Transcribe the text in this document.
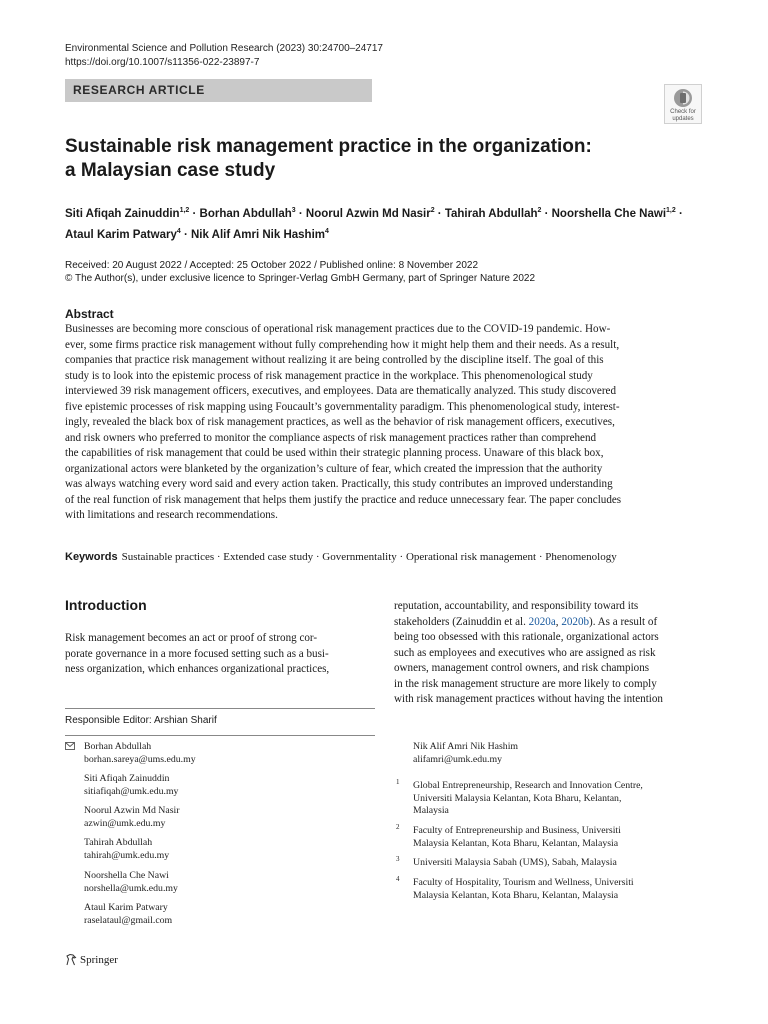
Environmental Science and Pollution Research (2023) 30:24700–24717
https://doi.org/10.1007/s11356-022-23897-7
RESEARCH ARTICLE
Check for
updates
Sustainable risk management practice in the organization:
a Malaysian case study
Siti Afiqah Zainuddin$^{1,2}$ · Borhan Abdullah$^3$ · Noorul Azwin Md Nasir$^2$ · Tahirah Abdullah$^2$ · Noorshella Che Nawi$^{1,2}$ ·
Ataul Karim Patwary$^4$ · Nik Alif Amri Nik Hashim$^4$
Received: 20 August 2022 / Accepted: 25 October 2022 / Published online: 8 November 2022
© The Author(s), under exclusive licence to Springer-Verlag GmbH Germany, part of Springer Nature 2022
Abstract
Businesses are becoming more conscious of operational risk management practices due to the COVID-19 pandemic. How-
ever, some firms practice risk management without fully comprehending how it might help them and their needs. As a result,
companies that practice risk management without realizing it are being controlled by the discipline itself. The goal of this
study is to look into the epistemic process of risk management practice in the workplace. This phenomenological study
interviewed 39 risk management officers, executives, and employees. Data are thematically analyzed. This study discovered
five epistemic processes of risk mapping using Foucault’s governmentality paradigm. This phenomenological study, interest-
ingly, revealed the black box of risk management practices, as well as the behavior of risk management officers, executives,
and risk owners who preferred to monitor the compliance aspects of risk management practices rather than comprehend
the capabilities of risk management that could be used within their strategic planning process. Unaware of this black box,
organizational actors were blanketed by the organization’s culture of fear, which created the impression that the authority
was always watching every word said and every action taken. Practically, this study contributes an improved understanding
of the real function of risk management that helps them justify the practice and reduce unnecessary fear. The paper concludes
with limitations and research recommendations.
Keywords Sustainable practices · Extended case study · Governmentality · Operational risk management · Phenomenology
Introduction
Risk management becomes an act or proof of strong cor-
porate governance in a more focused setting such as a busi-
ness organization, which enhances organizational practices,
reputation, accountability, and responsibility toward its
stakeholders (Zainuddin et al. 2020a, 2020b). As a result of
being too obsessed with this rationale, organizational actors
such as employees and executives who are assigned as risk
owners, management control owners, and risk champions
in the risk management structure are more likely to comply
with risk management practices without having the intention
Responsible Editor: Arshian Sharif
Borhan Abdullah
borhan.sareya@ums.edu.my
Siti Afiqah Zainuddin
sitiafiqah@umk.edu.my
Noorul Azwin Md Nasir
azwin@umk.edu.my
Tahirah Abdullah
tahirah@umk.edu.my
Noorshella Che Nawi
norshella@umk.edu.my
Ataul Karim Patwary
raselataul@gmail.com
Nik Alif Amri Nik Hashim
alifamri@umk.edu.my
1 Global Entrepreneurship, Research and Innovation Centre,
Universiti Malaysia Kelantan, Kota Bharu, Kelantan,
Malaysia
2 Faculty of Entrepreneurship and Business, Universiti
Malaysia Kelantan, Kota Bharu, Kelantan, Malaysia
3 Universiti Malaysia Sabah (UMS), Sabah, Malaysia
4 Faculty of Hospitality, Tourism and Wellness, Universiti
Malaysia Kelantan, Kota Bharu, Kelantan, Malaysia
Springer
